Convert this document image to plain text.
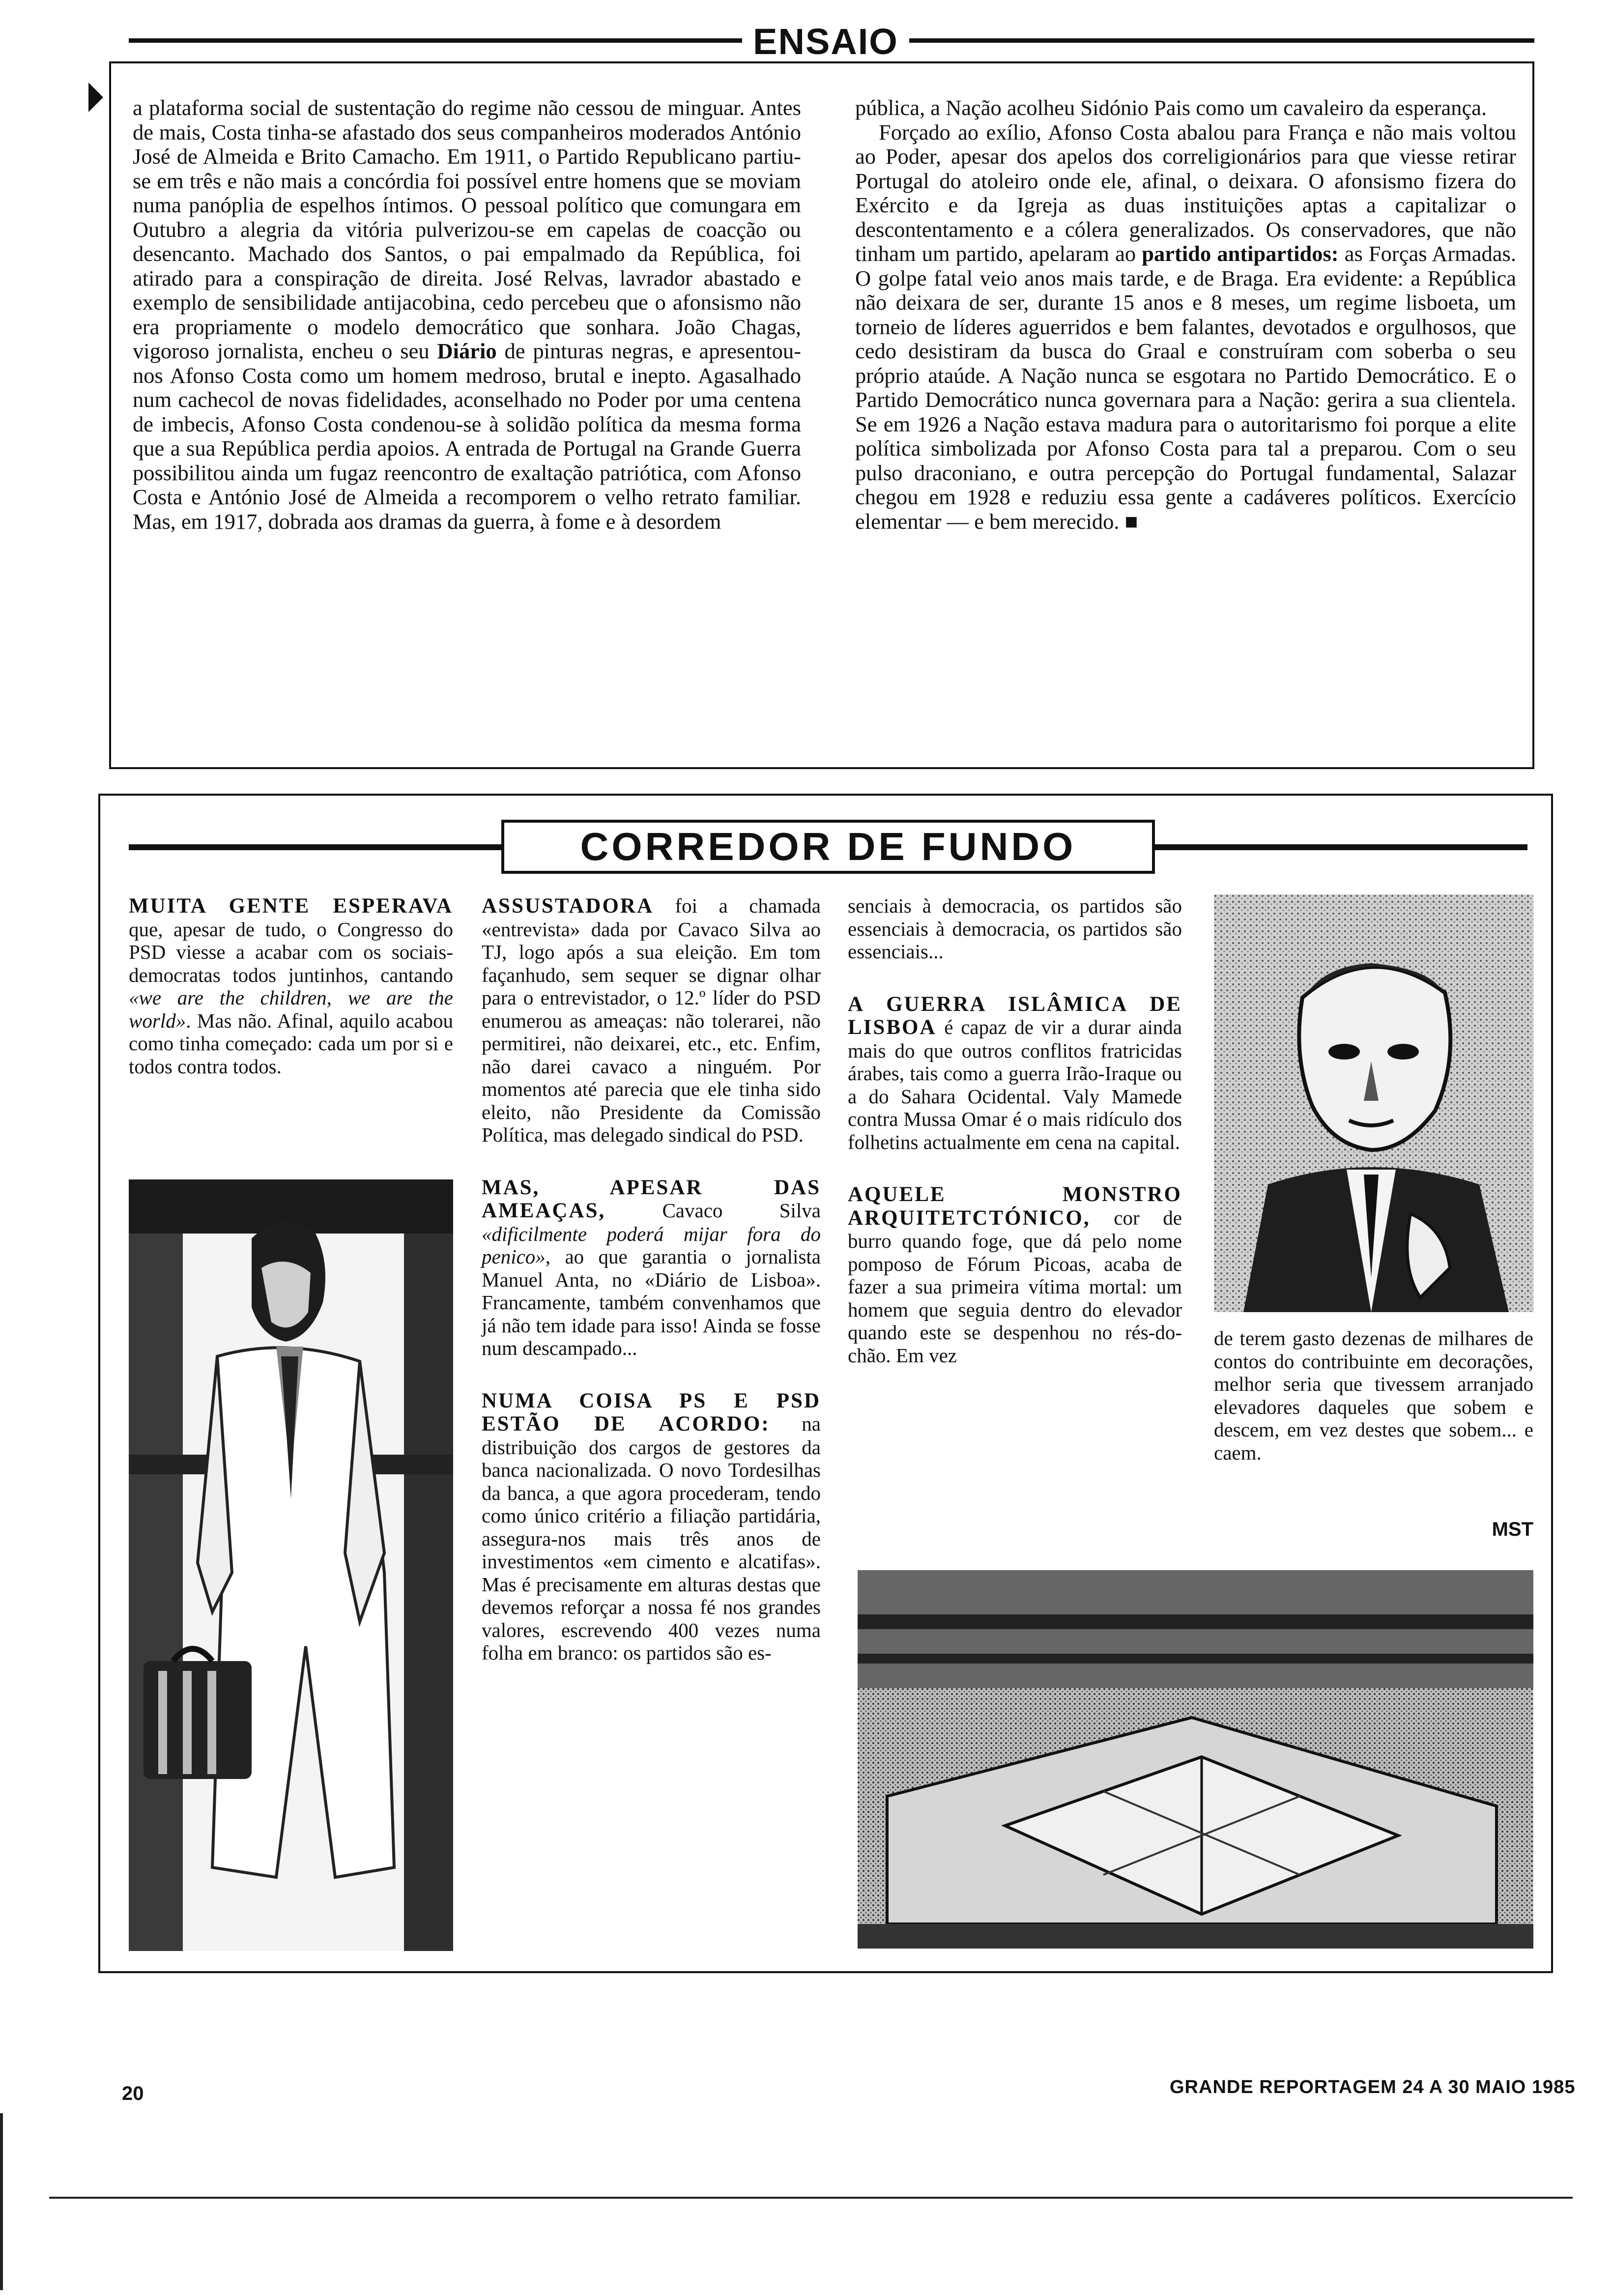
ENSAIO

a plataforma social de sustentação do regime não cessou de minguar. Antes de mais, Costa tinha-se afastado dos seus companheiros moderados António José de Almeida e Brito Camacho. Em 1911, o Partido Republicano partiu-se em três e não mais a concórdia foi possível entre homens que se moviam numa panóplia de espelhos íntimos. O pessoal político que comungara em Outubro a alegria da vitória pulverizou-se em capelas de coacção ou desencanto. Machado dos Santos, o pai empalmado da República, foi atirado para a conspiração de direita. José Relvas, lavrador abastado e exemplo de sensibilidade antijacobina, cedo percebeu que o afonsismo não era propriamente o modelo democrático que sonhara. João Chagas, vigoroso jornalista, encheu o seu Diário de pinturas negras, e apresentou-nos Afonso Costa como um homem medroso, brutal e inepto. Agasalhado num cachecol de novas fidelidades, aconselhado no Poder por uma centena de imbecis, Afonso Costa condenou-se à solidão política da mesma forma que a sua República perdia apoios. A entrada de Portugal na Grande Guerra possibilitou ainda um fugaz reencontro de exaltação patriótica, com Afonso Costa e António José de Almeida a recomporem o velho retrato familiar. Mas, em 1917, dobrada aos dramas da guerra, à fome e à desordem

pública, a Nação acolheu Sidónio Pais como um cavaleiro da esperança.

Forçado ao exílio, Afonso Costa abalou para França e não mais voltou ao Poder, apesar dos apelos dos correligionários para que viesse retirar Portugal do atoleiro onde ele, afinal, o deixara. O afonsismo fizera do Exército e da Igreja as duas instituições aptas a capitalizar o descontentamento e a cólera generalizados. Os conservadores, que não tinham um partido, apelaram ao partido antipartidos: as Forças Armadas. O golpe fatal veio anos mais tarde, e de Braga. Era evidente: a República não deixara de ser, durante 15 anos e 8 meses, um regime lisboeta, um torneio de líderes aguerridos e bem falantes, devotados e orgulhosos, que cedo desistiram da busca do Graal e construíram com soberba o seu próprio ataúde. A Nação nunca se esgotara no Partido Democrático. E o Partido Democrático nunca governara para a Nação: gerira a sua clientela. Se em 1926 a Nação estava madura para o autoritarismo foi porque a elite política simbolizada por Afonso Costa para tal a preparou. Com o seu pulso draconiano, e outra percepção do Portugal fundamental, Salazar chegou em 1928 e reduziu essa gente a cadáveres políticos. Exercício elementar — e bem merecido. ■

CORREDOR DE FUNDO

MUITA GENTE ESPERAVA que, apesar de tudo, o Congresso do PSD viesse a acabar com os sociais-democratas todos juntinhos, cantando «we are the children, we are the world». Mas não. Afinal, aquilo acabou como tinha começado: cada um por si e todos contra todos.

ASSUSTADORA foi a chamada «entrevista» dada por Cavaco Silva ao TJ, logo após a sua eleição. Em tom façanhudo, sem sequer se dignar olhar para o entrevistador, o 12.º líder do PSD enumerou as ameaças: não tolerarei, não permitirei, não deixarei, etc., etc. Enfim, não darei cavaco a ninguém. Por momentos até parecia que ele tinha sido eleito, não Presidente da Comissão Política, mas delegado sindical do PSD.

MAS, APESAR DAS AMEAÇAS, Cavaco Silva «dificilmente poderá mijar fora do penico», ao que garantia o jornalista Manuel Anta, no «Diário de Lisboa». Francamente, também convenhamos que já não tem idade para isso! Ainda se fosse num descampado...

NUMA COISA PS E PSD ESTÃO DE ACORDO: na distribuição dos cargos de gestores da banca nacionalizada. O novo Tordesilhas da banca, a que agora procederam, tendo como único critério a filiação partidária, assegura-nos mais três anos de investimentos «em cimento e alcatifas». Mas é precisamente em alturas destas que devemos reforçar a nossa fé nos grandes valores, escrevendo 400 vezes numa folha em branco: os partidos são es-

senciais à democracia, os partidos são essenciais à democracia, os partidos são essenciais...

A GUERRA ISLÂMICA DE LISBOA é capaz de vir a durar ainda mais do que outros conflitos fratricidas árabes, tais como a guerra Irão-Iraque ou a do Sahara Ocidental. Valy Mamede contra Mussa Omar é o mais ridículo dos folhetins actualmente em cena na capital.

AQUELE MONSTRO ARQUITETCTÓNICO, cor de burro quando foge, que dá pelo nome pomposo de Fórum Picoas, acaba de fazer a sua primeira vítima mortal: um homem que seguia dentro do elevador quando este se despenhou no rés-do-chão. Em vez

de terem gasto dezenas de milhares de contos do contribuinte em decorações, melhor seria que tivessem arranjado elevadores daqueles que sobem e descem, em vez destes que sobem... e caem.

MST
20	GRANDE REPORTAGEM 24 A 30 MAIO 1985
